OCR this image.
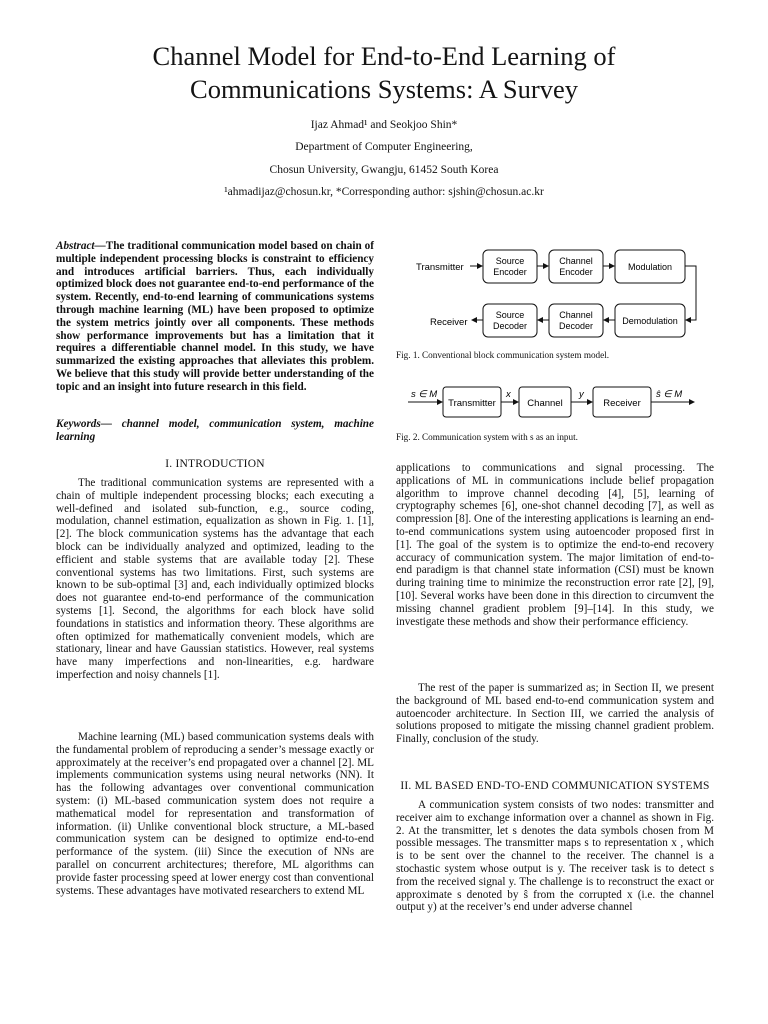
Channel Model for End-to-End Learning of
Communications Systems: A Survey
Ijaz Ahmad¹ and Seokjoo Shin*
Department of Computer Engineering,
Chosun University, Gwangju, 61452 South Korea
¹ahmadijaz@chosun.kr, *Corresponding author: sjshin@chosun.ac.kr
Abstract—The traditional communication model based on chain of multiple independent processing blocks is constraint to efficiency and introduces artificial barriers. Thus, each individually optimized block does not guarantee end-to-end performance of the system. Recently, end-to-end learning of communications systems through machine learning (ML) have been proposed to optimize the system metrics jointly over all components. These methods show performance improvements but has a limitation that it requires a differentiable channel model. In this study, we have summarized the existing approaches that alleviates this problem. We believe that this study will provide better understanding of the topic and an insight into future research in this field.
Keywords— channel model, communication system, machine learning
I. INTRODUCTION
The traditional communication systems are represented with a chain of multiple independent processing blocks; each executing a well-defined and isolated sub-function, e.g., source coding, modulation, channel estimation, equalization as shown in Fig. 1. [1], [2]. The block communication systems has the advantage that each block can be individually analyzed and optimized, leading to the efficient and stable systems that are available today [2]. These conventional systems has two limitations. First, such systems are known to be sub-optimal [3] and, each individually optimized blocks does not guarantee end-to-end performance of the communication systems [1]. Second, the algorithms for each block have solid foundations in statistics and information theory. These algorithms are often optimized for mathematically convenient models, which are stationary, linear and have Gaussian statistics. However, real systems have many imperfections and non-linearities, e.g. hardware imperfection and noisy channels [1].
Machine learning (ML) based communication systems deals with the fundamental problem of reproducing a sender’s message exactly or approximately at the receiver’s end propagated over a channel [2]. ML implements communication systems using neural networks (NN). It has the following advantages over conventional communication system: (i) ML-based communication system does not require a mathematical model for representation and transformation of information. (ii) Unlike conventional block structure, a ML-based communication system can be designed to optimize end-to-end performance of the system. (iii) Since the execution of NNs are parallel on concurrent architectures; therefore, ML algorithms can provide faster processing speed at lower energy cost than conventional systems. These advantages have motivated researchers to extend ML
Transmitter
Receiver
Source
Encoder
Channel
Encoder	Modulation
Source
Decoder
Channel
Decoder	Demodulation
Fig. 1. Conventional block communication system model.
s ∈ M
Transmitter
x
Channel
y
Receiver
ŝ ∈ M
Fig. 2. Communication system with s as an input.
applications to communications and signal processing. The applications of ML in communications include belief propagation algorithm to improve channel decoding [4], [5], learning of cryptography schemes [6], one-shot channel decoding [7], as well as compression [8]. One of the interesting applications is learning an end-to-end communications system using autoencoder proposed first in [1]. The goal of the system is to optimize the end-to-end recovery accuracy of communication system. The major limitation of end-to-end paradigm is that channel state information (CSI) must be known during training time to minimize the reconstruction error rate [2], [9], [10]. Several works have been done in this direction to circumvent the missing channel gradient problem [9]–[14]. In this study, we investigate these methods and show their performance efficiency.
The rest of the paper is summarized as; in Section II, we present the background of ML based end-to-end communication system and autoencoder architecture. In Section III, we carried the analysis of solutions proposed to mitigate the missing channel gradient problem. Finally, conclusion of the study.
II. ML BASED END-TO-END COMMUNICATION SYSTEMS
A communication system consists of two nodes: transmitter and receiver aim to exchange information over a channel as shown in Fig. 2. At the transmitter, let s denotes the data symbols chosen from M possible messages. The transmitter maps s to representation x , which is to be sent over the channel to the receiver. The channel is a stochastic system whose output is y. The receiver task is to detect s from the received signal y. The challenge is to reconstruct the exact or approximate s denoted by ŝ from the corrupted x (i.e. the channel output y) at the receiver’s end under adverse channel
